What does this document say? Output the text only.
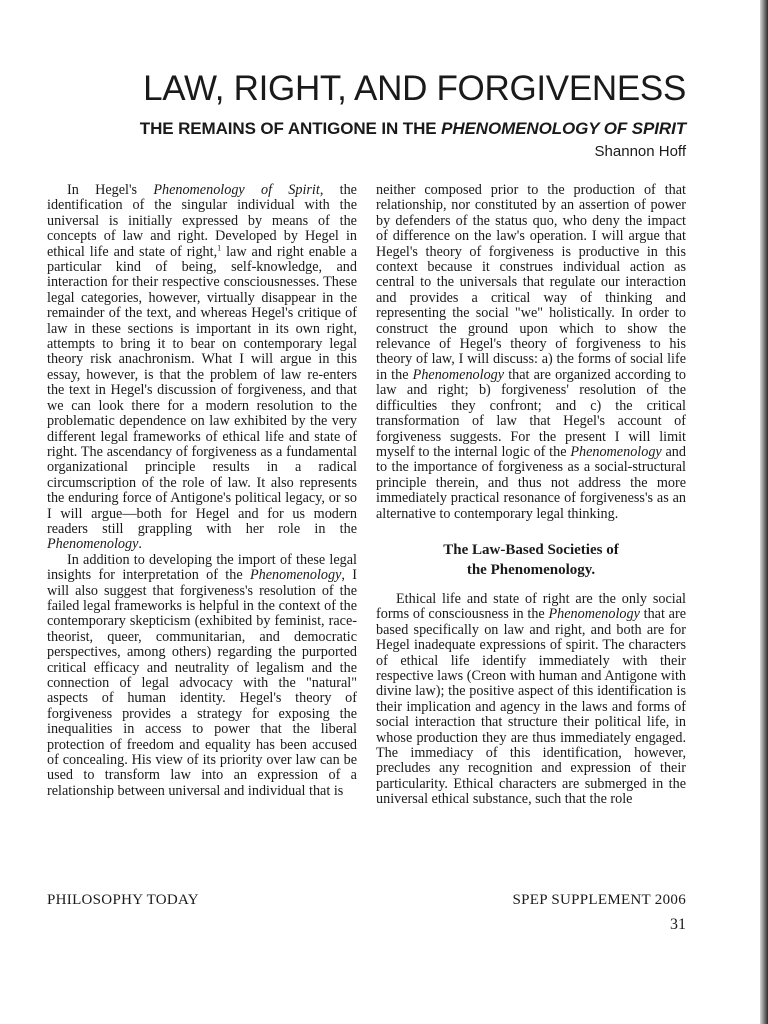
LAW, RIGHT, AND FORGIVENESS
THE REMAINS OF ANTIGONE IN THE PHENOMENOLOGY OF SPIRIT
Shannon Hoff

In Hegel's Phenomenology of Spirit, the identification of the singular individual with the universal is initially expressed by means of the concepts of law and right. Developed by Hegel in ethical life and state of right,$^1$ law and right enable a particular kind of being, self-knowledge, and interaction for their respective consciousnesses. These legal categories, however, virtually disappear in the remainder of the text, and whereas Hegel's critique of law in these sections is important in its own right, attempts to bring it to bear on contemporary legal theory risk anachronism. What I will argue in this essay, however, is that the problem of law re-enters the text in Hegel's discussion of forgiveness, and that we can look there for a modern resolution to the problematic dependence on law exhibited by the very different legal frameworks of ethical life and state of right. The ascendancy of forgiveness as a fundamental organizational principle results in a radical circumscription of the role of law. It also represents the enduring force of Antigone's political legacy, or so I will argue—both for Hegel and for us modern readers still grappling with her role in the Phenomenology.

In addition to developing the import of these legal insights for interpretation of the Phenomenology, I will also suggest that forgiveness's resolution of the failed legal frameworks is helpful in the context of the contemporary skepticism (exhibited by feminist, race-theorist, queer, communitarian, and democratic perspectives, among others) regarding the purported critical efficacy and neutrality of legalism and the connection of legal advocacy with the "natural" aspects of human identity. Hegel's theory of forgiveness provides a strategy for exposing the inequalities in access to power that the liberal protection of freedom and equality has been accused of concealing. His view of its priority over law can be used to transform law into an expression of a relationship between universal and individual that is

neither composed prior to the production of that relationship, nor constituted by an assertion of power by defenders of the status quo, who deny the impact of difference on the law's operation. I will argue that Hegel's theory of forgiveness is productive in this context because it construes individual action as central to the universals that regulate our interaction and provides a critical way of thinking and representing the social "we" holistically. In order to construct the ground upon which to show the relevance of Hegel's theory of forgiveness to his theory of law, I will discuss: a) the forms of social life in the Phenomenology that are organized according to law and right; b) forgiveness' resolution of the difficulties they confront; and c) the critical transformation of law that Hegel's account of forgiveness suggests. For the present I will limit myself to the internal logic of the Phenomenology and to the importance of forgiveness as a social-structural principle therein, and thus not address the more immediately practical resonance of forgiveness's as an alternative to contemporary legal thinking.

The Law-Based Societies of
the Phenomenology.

Ethical life and state of right are the only social forms of consciousness in the Phenomenology that are based specifically on law and right, and both are for Hegel inadequate expressions of spirit. The characters of ethical life identify immediately with their respective laws (Creon with human and Antigone with divine law); the positive aspect of this identification is their implication and agency in the laws and forms of social interaction that structure their political life, in whose production they are thus immediately engaged. The immediacy of this identification, however, precludes any recognition and expression of their particularity. Ethical characters are submerged in the universal ethical substance, such that the role

PHILOSOPHY TODAY	SPEP SUPPLEMENT 2006
31
